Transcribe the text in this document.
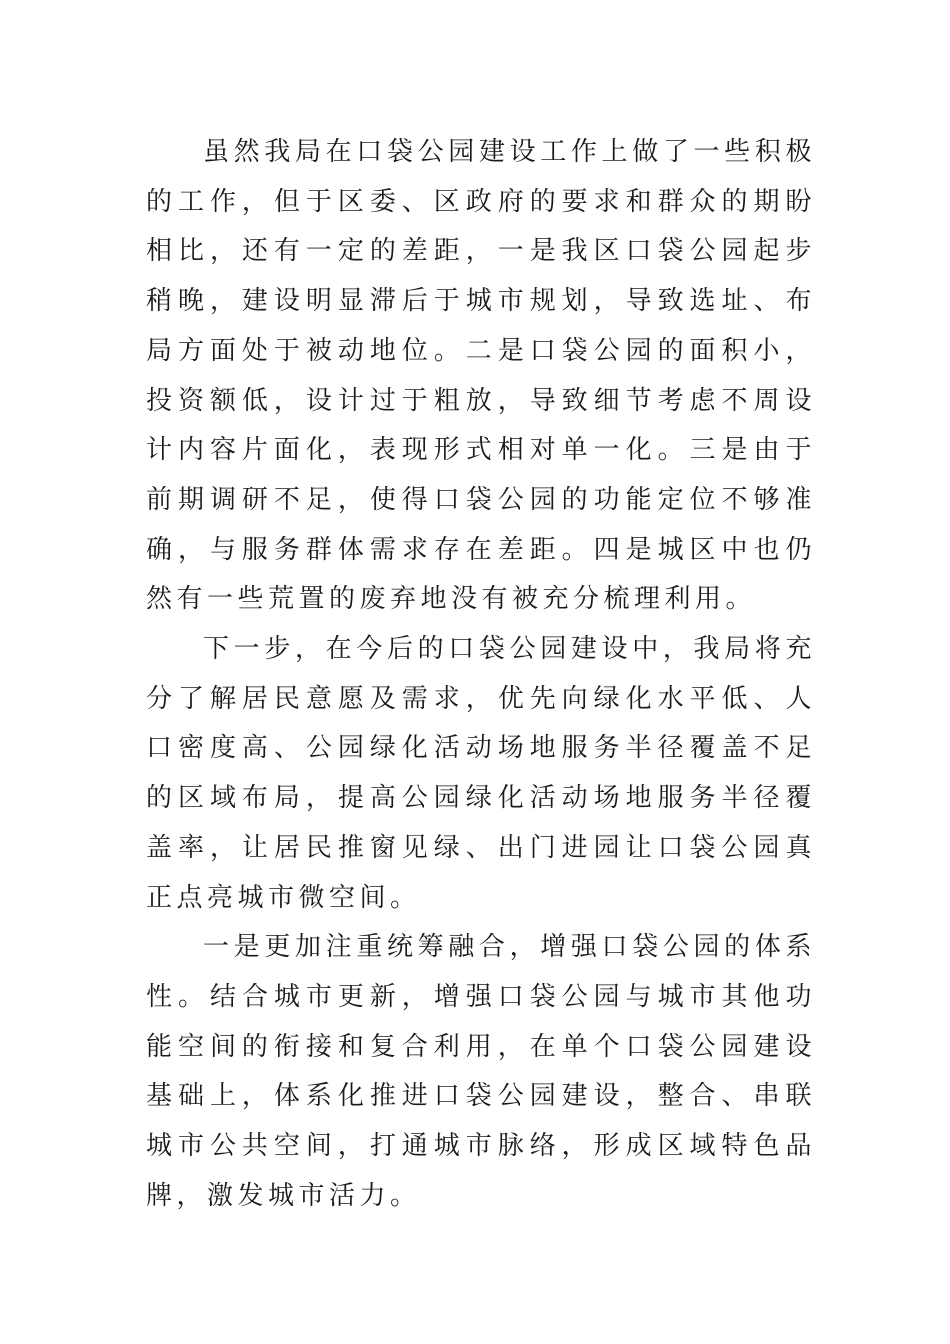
虽然我局在口袋公园建设工作上做了一些积极的工作，但于区委、区政府的要求和群众的期盼相比，还有一定的差距，一是我区口袋公园起步稍晚，建设明显滞后于城市规划，导致选址、布局方面处于被动地位。二是口袋公园的面积小，投资额低，设计过于粗放，导致细节考虑不周设计内容片面化，表现形式相对单一化。三是由于前期调研不足，使得口袋公园的功能定位不够准确，与服务群体需求存在差距。四是城区中也仍然有一些荒置的废弃地没有被充分梳理利用。

下一步，在今后的口袋公园建设中，我局将充分了解居民意愿及需求，优先向绿化水平低、人口密度高、公园绿化活动场地服务半径覆盖不足的区域布局，提高公园绿化活动场地服务半径覆盖率，让居民推窗见绿、出门进园让口袋公园真正点亮城市微空间。

一是更加注重统筹融合，增强口袋公园的体系性。结合城市更新，增强口袋公园与城市其他功能空间的衔接和复合利用，在单个口袋公园建设基础上，体系化推进口袋公园建设，整合、串联城市公共空间，打通城市脉络，形成区域特色品牌，激发城市活力。
